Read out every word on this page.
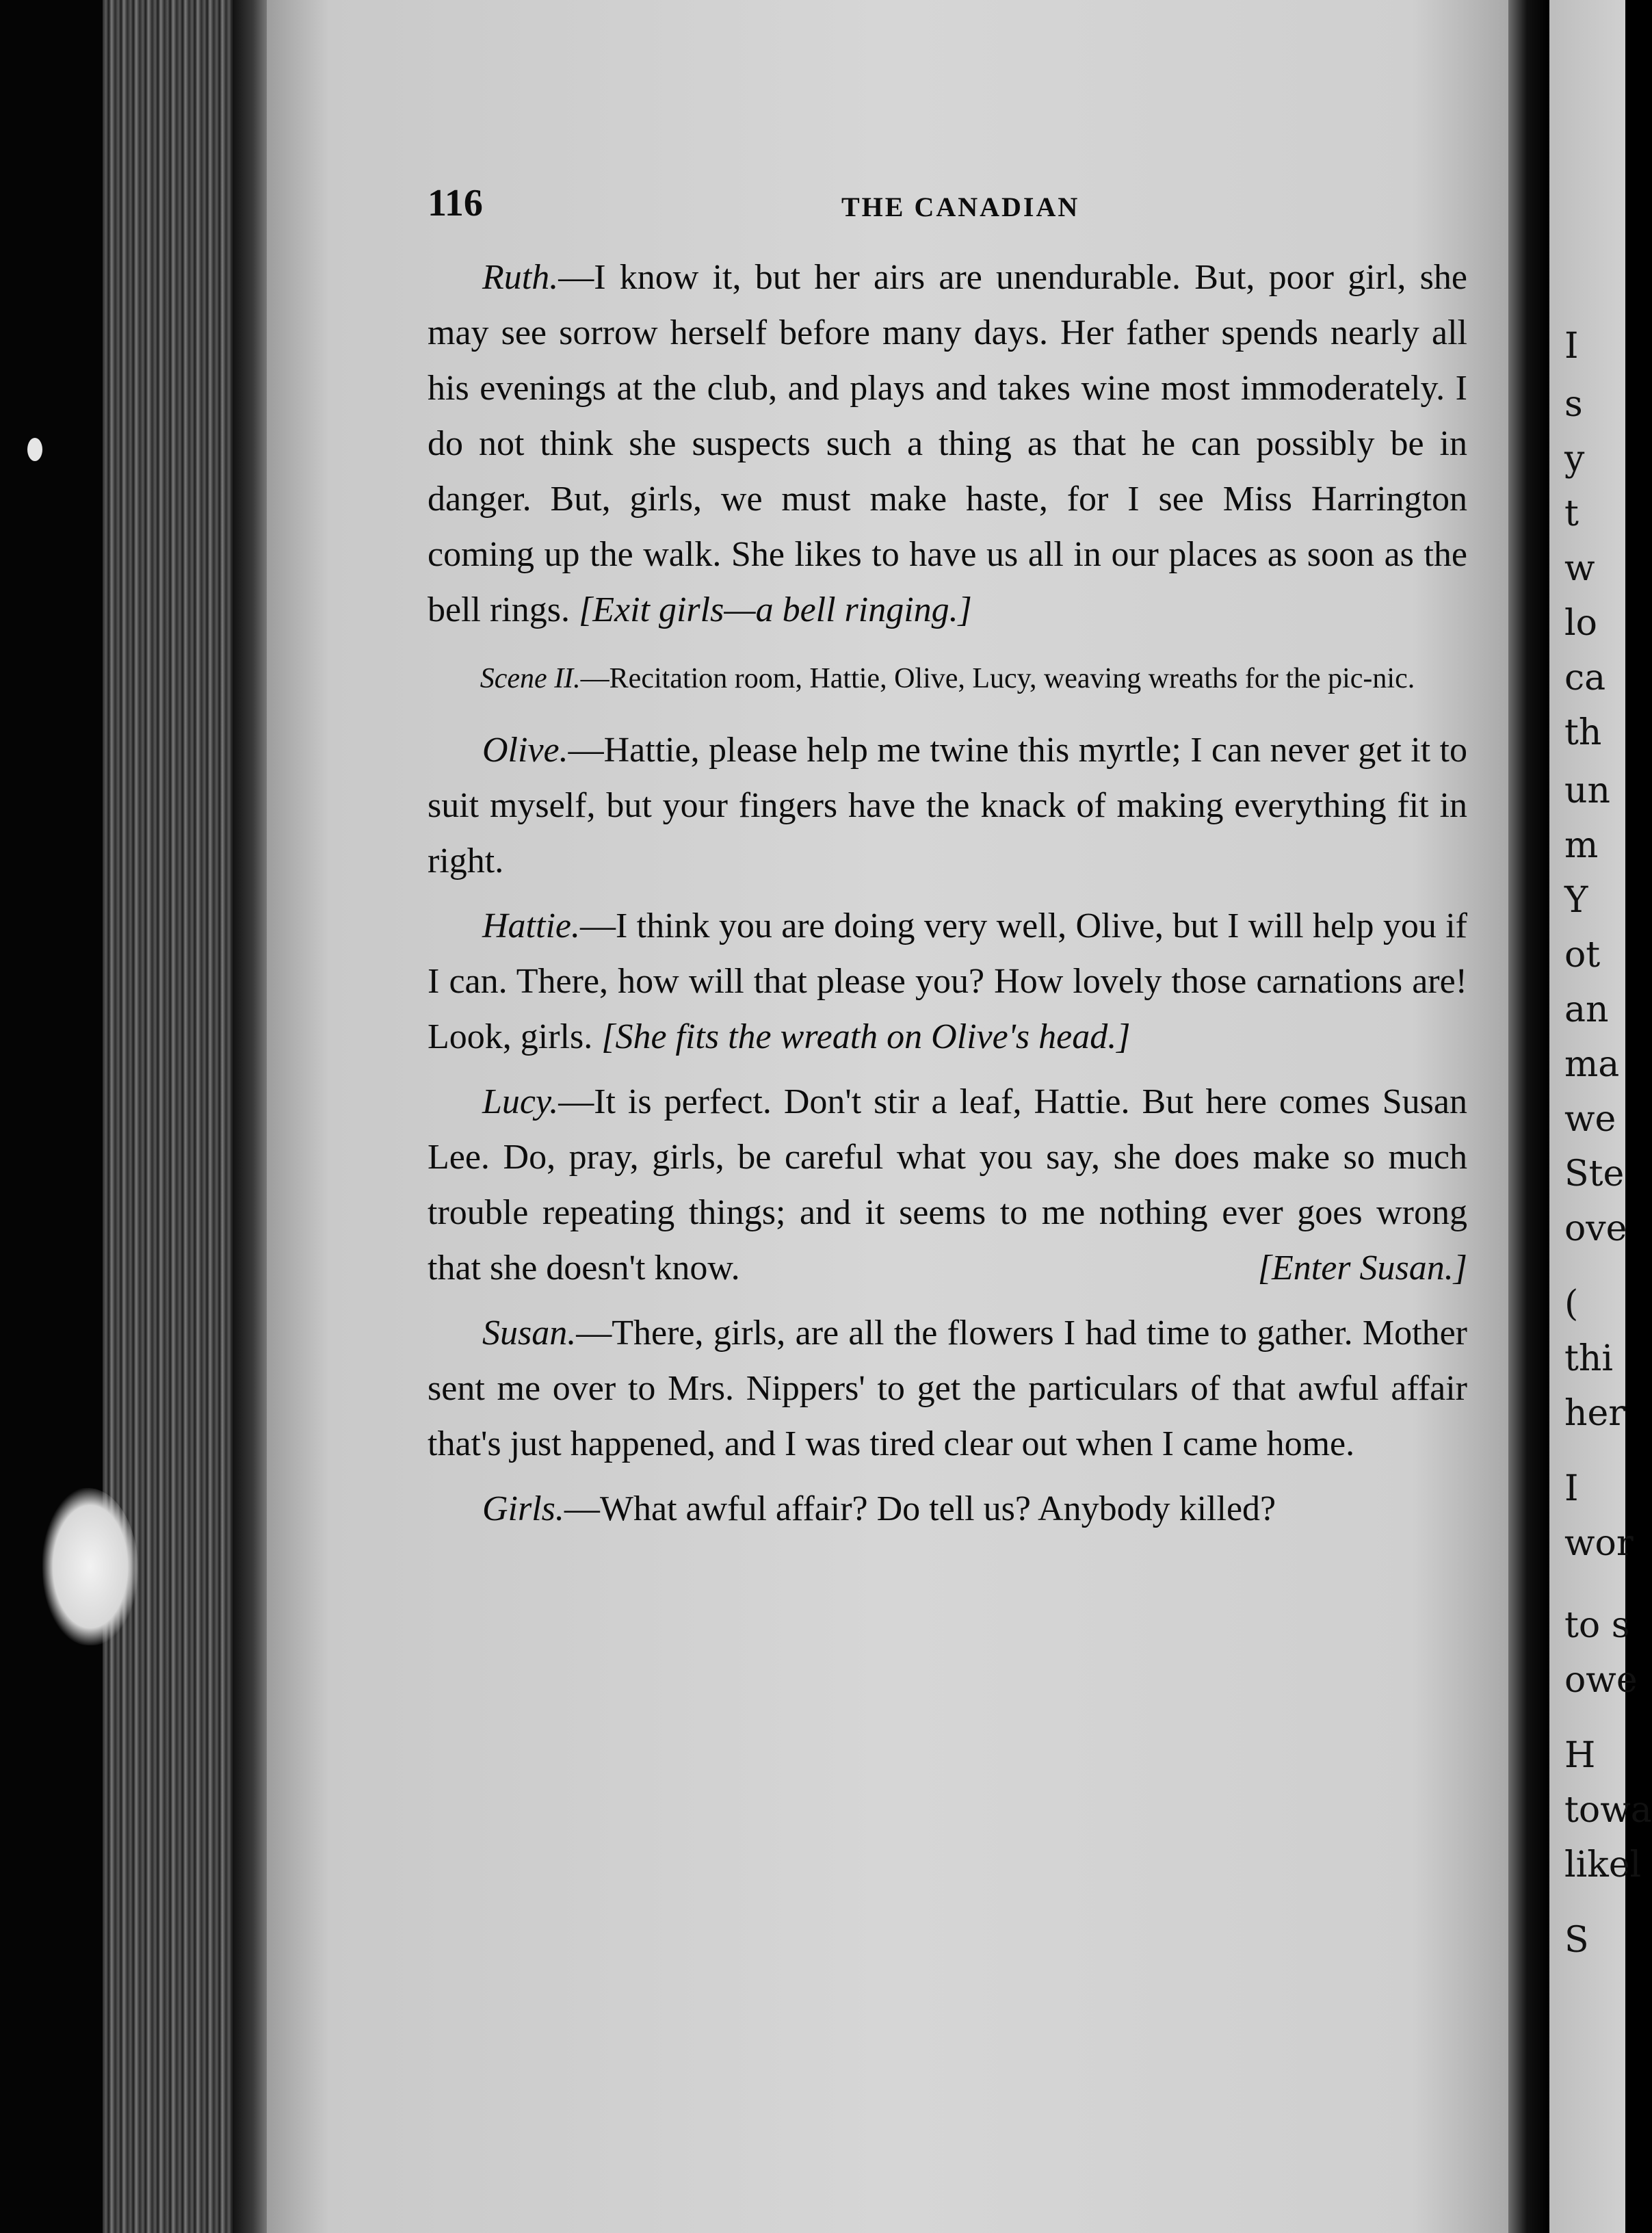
I
s
y
t
w
lo
ca
th
un
m
Y
ot
an
ma
we
Ste
ove
(
thi
her
I
wor
to s
owe
H
towa
likel
S
116	THE CANADIAN

Ruth.—I know it, but her airs are unendurable. But, poor girl, she may see sorrow herself before many days. Her father spends nearly all his evenings at the club, and plays and takes wine most immoderately. I do not think she suspects such a thing as that he can possibly be in danger. But, girls, we must make haste, for I see Miss Harrington coming up the walk. She likes to have us all in our places as soon as the bell rings. [Exit girls—a bell ringing.]

Scene II.—Recitation room, Hattie, Olive, Lucy, weaving wreaths for the pic-nic.

Olive.—Hattie, please help me twine this myrtle; I can never get it to suit myself, but your fingers have the knack of making everything fit in right.

Hattie.—I think you are doing very well, Olive, but I will help you if I can. There, how will that please you? How lovely those carnations are! Look, girls. [She fits the wreath on Olive's head.]

Lucy.—It is perfect. Don't stir a leaf, Hattie. But here comes Susan Lee. Do, pray, girls, be careful what you say, she does make so much trouble repeating things; and it seems to me nothing ever goes wrong that she doesn't know.	[Enter Susan.]

Susan.—There, girls, are all the flowers I had time to gather. Mother sent me over to Mrs. Nippers' to get the particulars of that awful affair that's just happened, and I was tired clear out when I came home.

Girls.—What awful affair? Do tell us? Anybody killed?
